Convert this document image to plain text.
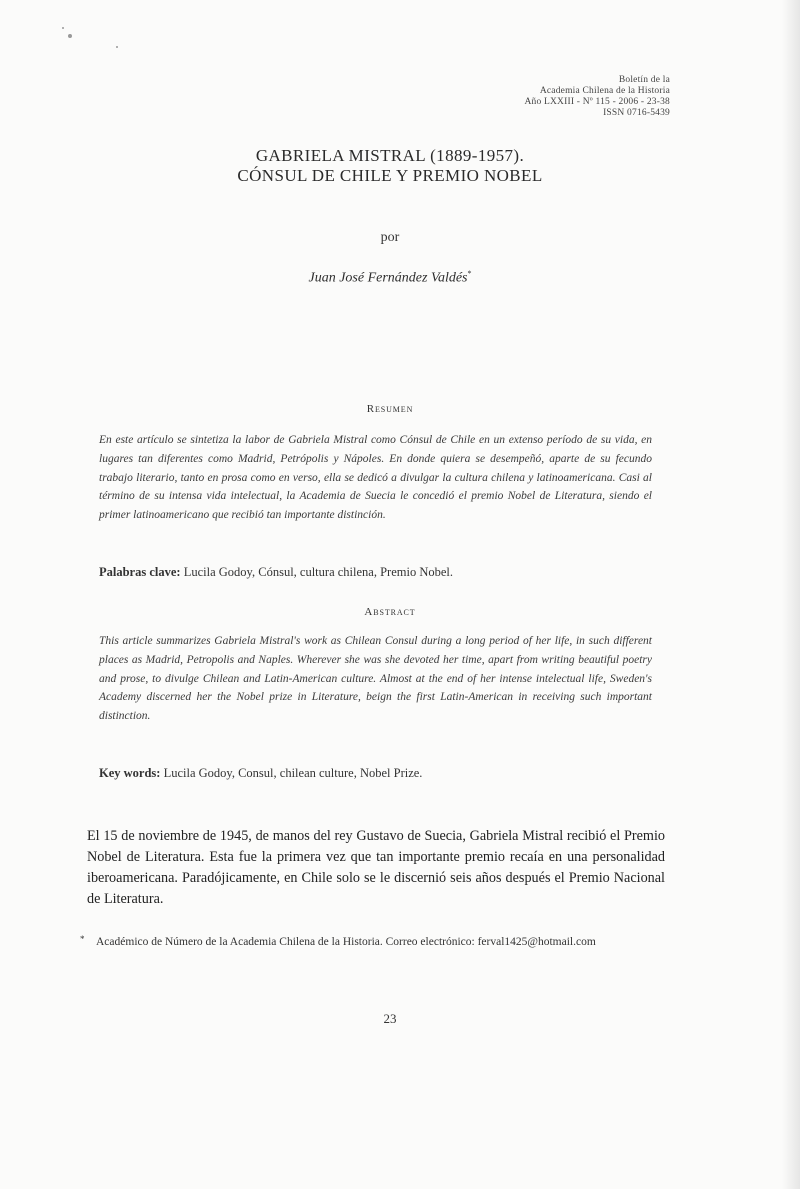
Boletín de la
Academia Chilena de la Historia
Año LXXIII - Nº 115 - 2006 - 23-38
ISSN 0716-5439
GABRIELA MISTRAL (1889-1957).
CÓNSUL DE CHILE Y PREMIO NOBEL
por
Juan José Fernández Valdés*
Resumen
En este artículo se sintetiza la labor de Gabriela Mistral como Cónsul de Chile en un extenso período de su vida, en lugares tan diferentes como Madrid, Petrópolis y Nápoles. En donde quiera se desempeñó, aparte de su fecundo trabajo literario, tanto en prosa como en verso, ella se dedicó a divulgar la cultura chilena y latinoamericana. Casi al término de su intensa vida intelectual, la Academia de Suecia le concedió el premio Nobel de Literatura, siendo el primer latinoamericano que recibió tan importante distinción.
Palabras clave: Lucila Godoy, Cónsul, cultura chilena, Premio Nobel.
Abstract
This article summarizes Gabriela Mistral's work as Chilean Consul during a long period of her life, in such different places as Madrid, Petropolis and Naples. Wherever she was she devoted her time, apart from writing beautiful poetry and prose, to divulge Chilean and Latin-American culture. Almost at the end of her intense intelectual life, Sweden's Academy discerned her the Nobel prize in Literature, beign the first Latin-American in receiving such important distinction.
Key words: Lucila Godoy, Consul, chilean culture, Nobel Prize.
El 15 de noviembre de 1945, de manos del rey Gustavo de Suecia, Gabriela Mistral recibió el Premio Nobel de Literatura. Esta fue la primera vez que tan importante premio recaía en una personalidad iberoamericana. Paradójicamente, en Chile solo se le discernió seis años después el Premio Nacional de Literatura.
*	Académico de Número de la Academia Chilena de la Historia. Correo electrónico: ferval1425@hotmail.com
23
